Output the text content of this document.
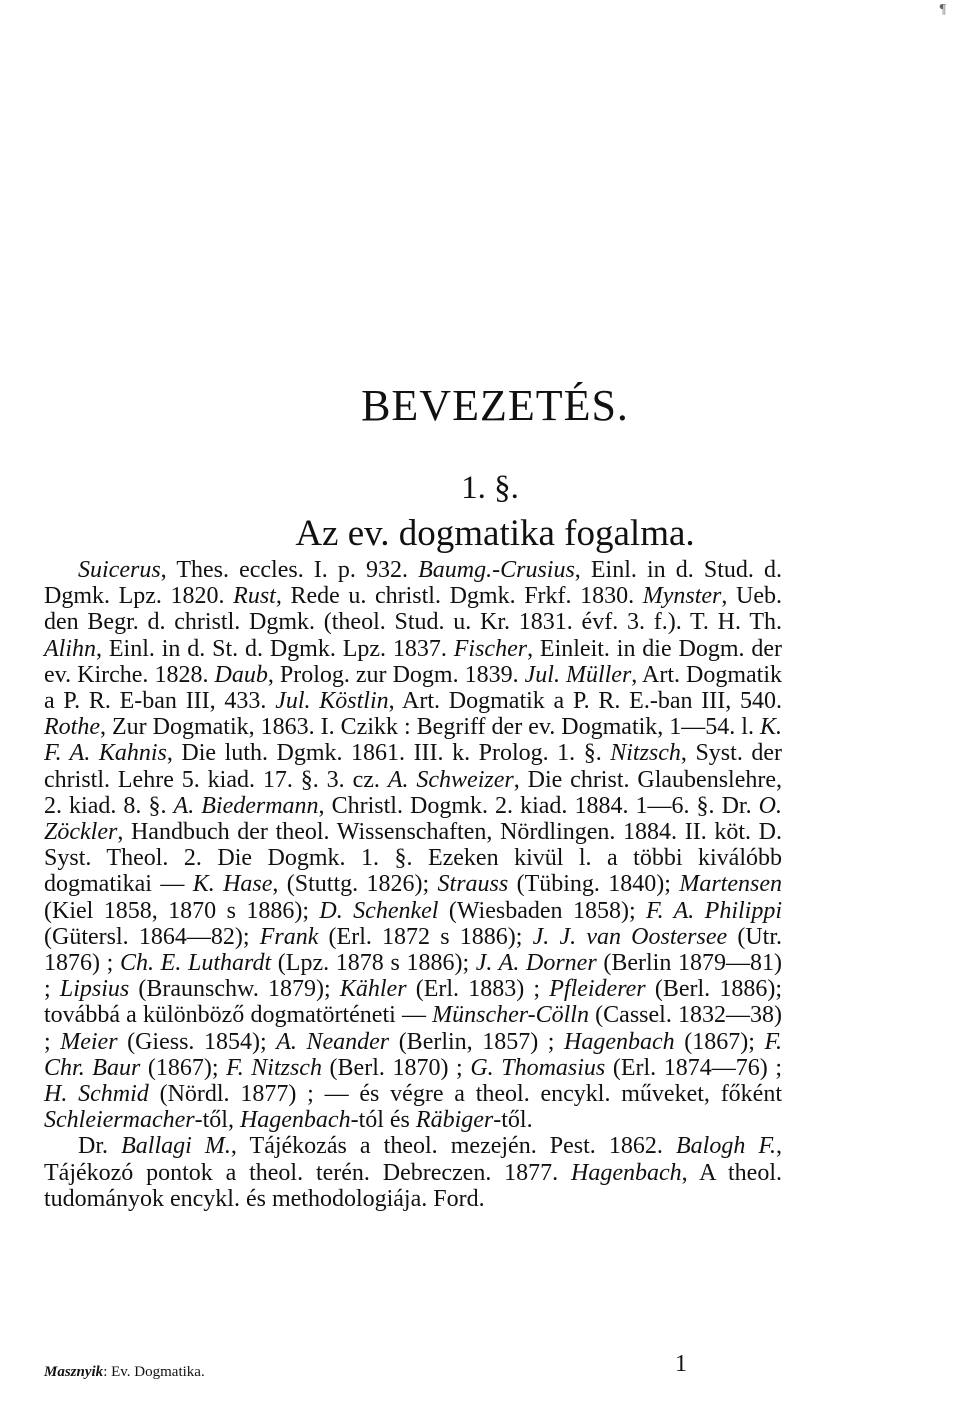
¶
BEVEZETÉS.
1. §.
Az ev. dogmatika fogalma.

Suicerus, Thes. eccles. I. p. 932. Baumg.-Crusius, Einl. in d. Stud. d. Dgmk. Lpz. 1820. Rust, Rede u. christl. Dgmk. Frkf. 1830. Mynster, Ueb. den Begr. d. christl. Dgmk. (theol. Stud. u. Kr. 1831. évf. 3. f.). T. H. Th. Alihn, Einl. in d. St. d. Dgmk. Lpz. 1837. Fischer, Einleit. in die Dogm. der ev. Kirche. 1828. Daub, Prolog. zur Dogm. 1839. Jul. Müller, Art. Dogmatik a P. R. E-ban III, 433. Jul. Köstlin, Art. Dogmatik a P. R. E.-ban III, 540. Rothe, Zur Dogmatik, 1863. I. Czikk : Begriff der ev. Dogmatik, 1—54. l. K. F. A. Kahnis, Die luth. Dgmk. 1861. III. k. Prolog. 1. §. Nitzsch, Syst. der christl. Lehre 5. kiad. 17. §. 3. cz. A. Schweizer, Die christ. Glaubenslehre, 2. kiad. 8. §. A. Biedermann, Christl. Dogmk. 2. kiad. 1884. 1—6. §. Dr. O. Zöckler, Handbuch der theol. Wissenschaften, Nördlingen. 1884. II. köt. D. Syst. Theol. 2. Die Dogmk. 1. §. Ezeken kivül l. a többi kiválóbb dogmatikai — K. Hase, (Stuttg. 1826); Strauss (Tübing. 1840); Martensen (Kiel 1858, 1870 s 1886); D. Schenkel (Wiesbaden 1858); F. A. Philippi (Gütersl. 1864—82); Frank (Erl. 1872 s 1886); J. J. van Oostersee (Utr. 1876) ; Ch. E. Luthardt (Lpz. 1878 s 1886); J. A. Dorner (Berlin 1879—81) ; Lipsius (Braunschw. 1879); Kähler (Erl. 1883) ; Pfleiderer (Berl. 1886); továbbá a különböző dogmatörténeti — Münscher-Cölln (Cassel. 1832—38) ; Meier (Giess. 1854); A. Neander (Berlin, 1857) ; Hagenbach (1867); F. Chr. Baur (1867); F. Nitzsch (Berl. 1870) ; G. Thomasius (Erl. 1874—76) ; H. Schmid (Nördl. 1877) ; — és végre a theol. encykl. műveket, főként Schleiermacher-től, Hagenbach-tól és Räbiger-től.

Dr. Ballagi M., Tájékozás a theol. mezején. Pest. 1862. Balogh F., Tájékozó pontok a theol. terén. Debreczen. 1877. Hagenbach, A theol. tudományok encykl. és methodologiája. Ford.

Masznyik: Ev. Dogmatika.	1
